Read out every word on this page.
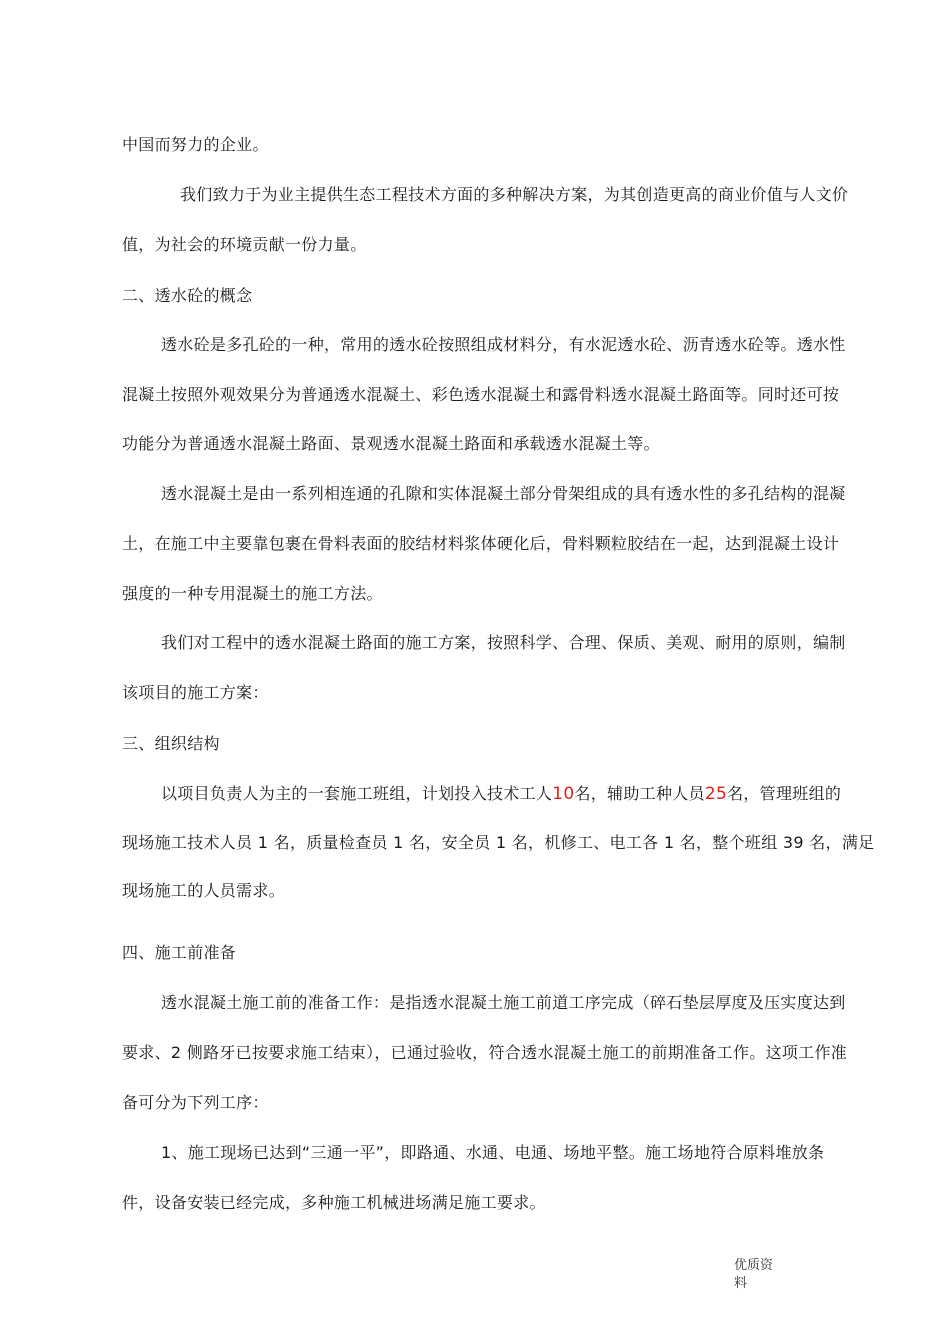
中国而努力的企业。
我们致力于为业主提供生态工程技术方面的多种解决方案，为其创造更高的商业价值与人文价
值，为社会的环境贡献一份力量。
二、透水砼的概念
透水砼是多孔砼的一种，常用的透水砼按照组成材料分，有水泥透水砼、沥青透水砼等。透水性
混凝土按照外观效果分为普通透水混凝土、彩色透水混凝土和露骨料透水混凝土路面等。同时还可按
功能分为普通透水混凝土路面、景观透水混凝土路面和承载透水混凝土等。
透水混凝土是由一系列相连通的孔隙和实体混凝土部分骨架组成的具有透水性的多孔结构的混凝
土，在施工中主要靠包裹在骨料表面的胶结材料浆体硬化后，骨料颗粒胶结在一起，达到混凝土设计
强度的一种专用混凝土的施工方法。
我们对工程中的透水混凝土路面的施工方案，按照科学、合理、保质、美观、耐用的原则，编制
该项目的施工方案：
三、组织结构
以项目负责人为主的一套施工班组，计划投入技术工人10名，辅助工种人员25名，管理班组的
现场施工技术人员 1 名，质量检查员 1 名，安全员 1 名，机修工、电工各 1 名，整个班组 39 名，满足
现场施工的人员需求。
四、施工前准备
透水混凝土施工前的准备工作：是指透水混凝土施工前道工序完成（碎石垫层厚度及压实度达到
要求、2 侧路牙已按要求施工结束），已通过验收，符合透水混凝土施工的前期准备工作。这项工作准
备可分为下列工序：
1、施工现场已达到“三通一平”，即路通、水通、电通、场地平整。施工场地符合原料堆放条
件，设备安装已经完成，多种施工机械进场满足施工要求。
优质资
料
